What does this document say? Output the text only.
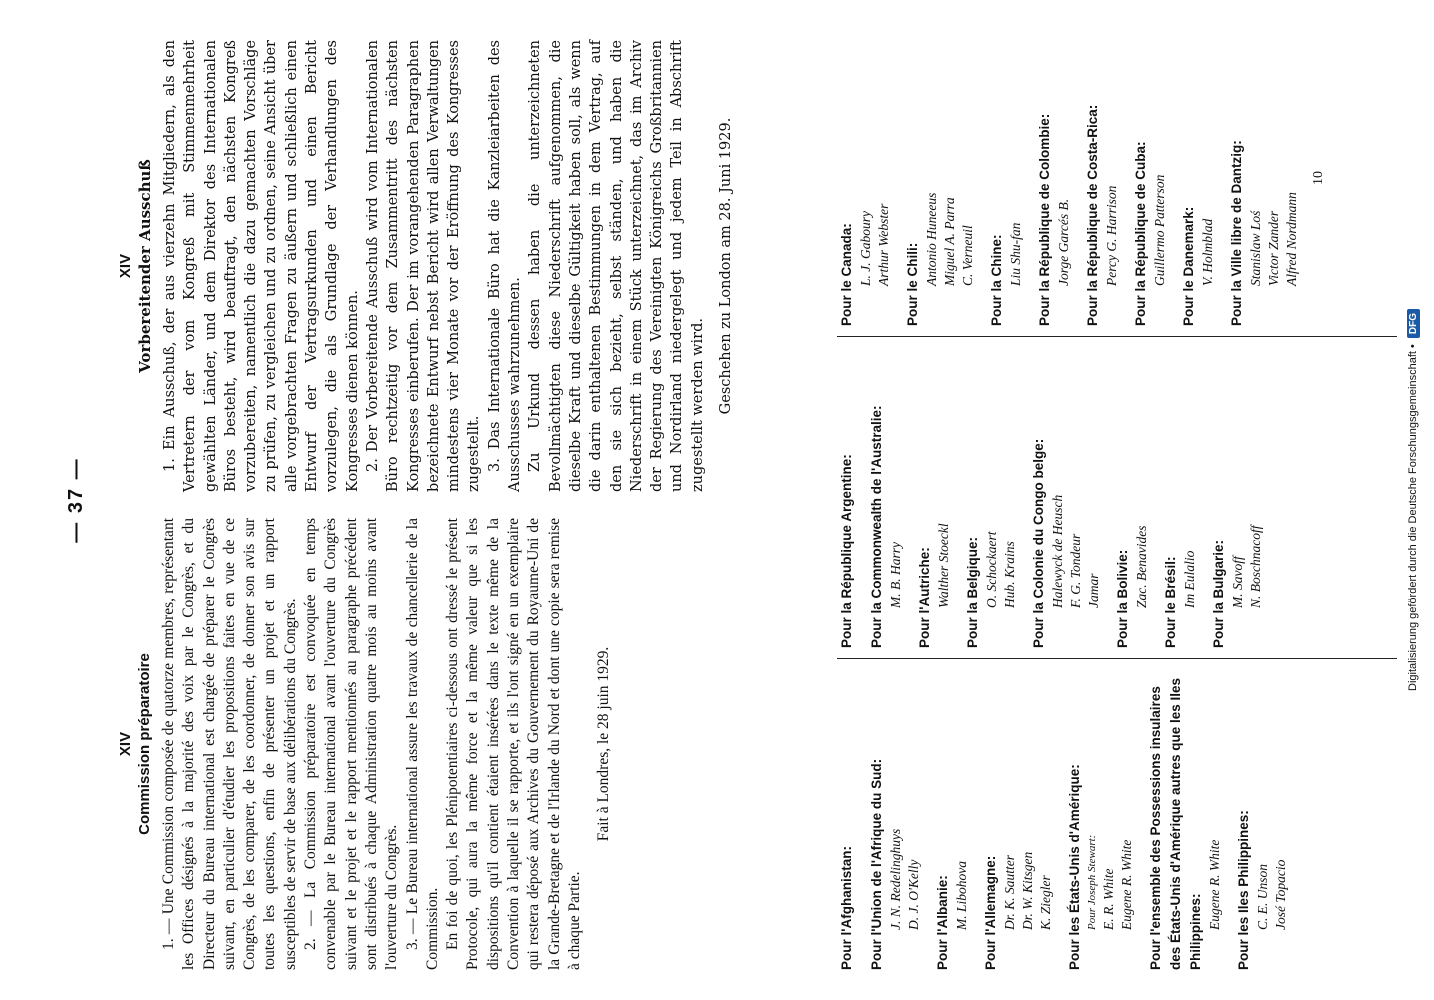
— 37 —
XIV Commission préparatoire 1. — Une Commission composée de quatorze membres, représentant les Offices désignés à la majorité des voix par le Congrès, et du Directeur du Bureau international est chargée de préparer le Congrès suivant, en particulier d'étudier les propositions faites en vue de ce Congrès, de les comparer, de les coordonner, de donner son avis sur toutes les questions, enfin de présenter un projet et un rapport susceptibles de servir de base aux délibérations du Congrès. 2. — La Commission préparatoire est convoquée en temps convenable par le Bureau international avant l'ouverture du Congrès suivant et le projet et le rapport mentionnés au paragraphe précédent sont distribués à chaque Administration quatre mois au moins avant l'ouverture du Congrès. 3. — Le Bureau international assure les travaux de chancellerie de la Commission. En foi de quoi, les Plénipotentiaires ci-dessous ont dressé le présent Protocole, qui aura la même force et la même valeur que si les dispositions qu'il contient étaient insérées dans le texte même de la Convention à laquelle il se rapporte, et ils l'ont signé en un exemplaire qui restera déposé aux Archives du Gouvernement du Royaume-Uni de la Grande-Bretagne et de l'Irlande du Nord et dont une copie sera remise à chaque Partie.

Fait à Londres, le 28 juin 1929.

XIV Vorbereitender Ausschuß 1. Ein Ausschuß, der aus vierzehn Mitgliedern, als den Vertretern der vom Kongreß mit Stimmenmehrheit gewählten Länder, und dem Direktor des Internationalen Büros besteht, wird beauftragt, den nächsten Kongreß vorzubereiten, namentlich die dazu gemachten Vorschläge zu prüfen, zu vergleichen und zu ordnen, seine Ansicht über alle vorgebrachten Fragen zu äußern und schließlich einen Entwurf der Vertragsurkunden und einen Bericht vorzulegen, die als Grundlage der Verhandlungen des Kongresses dienen können. 2. Der Vorbereitende Ausschuß wird vom Internationalen Büro rechtzeitig vor dem Zusammentritt des nächsten Kongresses einberufen. Der im vorangehenden Paragraphen bezeichnete Entwurf nebst Bericht wird allen Verwaltungen mindestens vier Monate vor der Eröffnung des Kongresses zugestellt. 3. Das Internationale Büro hat die Kanzleiarbeiten des Ausschusses wahrzunehmen. Zu Urkund dessen haben die unterzeichneten Bevollmächtigten diese Niederschrift aufgenommen, die dieselbe Kraft und dieselbe Gültigkeit haben soll, als wenn die darin enthaltenen Bestimmungen in dem Vertrag, auf den sie sich bezieht, selbst ständen, und haben die Niederschrift in einem Stück unterzeichnet, das im Archiv der Regierung des Vereinigten Königreichs Großbritannien und Nordirland niedergelegt und jedem Teil in Abschrift zugestellt werden wird. Geschehen zu London am 28. Juni 1929.

Pour l'Afghanistan: Pour l'Union de l'Afrique du Sud: J. N. Redelinghuys D. J. O'Kelly Pour l'Albanie: M. Libohova Pour l'Allemagne: Dr. K. Sautter Dr. W. Kitsgen K. Ziegler Pour les États-Unis d'Amérique: Pour Joseph Stewart: E. R. White Eugene R. White Pour l'ensemble des Possessions insulaires des États-Unis d'Amérique autres que les Iles Philippines:
Eugene R. White Pour les Iles Philippines: C. E. Unson José Topacio
Pour la République Argentine: Pour la Commonwealth de l'Australie: M. B. Harry Pour l'Autriche: Walther Stoeckl Pour la Belgique: O. Schockaert Hub. Krains Pour la Colonie du Congo belge: Halewyck de Heusch F. G. Tondeur Jamar Pour la Bolivie: Zac. Benavides Pour le Brésil: Im Eulalio Pour la Bulgarie: M. Savoff N. Boschnacoff
Pour le Canada: L. J. Gaboury Arthur Webster Pour le Chili: Antonio Huneeus Miguel A. Parra C. Verneuil Pour la Chine: Liu Shu-fan Pour la République de Colombie: Jorge Garcés B. Pour la République de Costa-Rica: Percy G. Harrison Pour la République de Cuba: Guillermo Patterson Pour le Danemark: V. Holmblad Pour la Ville libre de Dantzig: Stanislaw Loś Victor Zander Alfred Nordmann
10
Digitalisierung gefördert durch die Deutsche Forschungsgemeinschaft •
DFG
